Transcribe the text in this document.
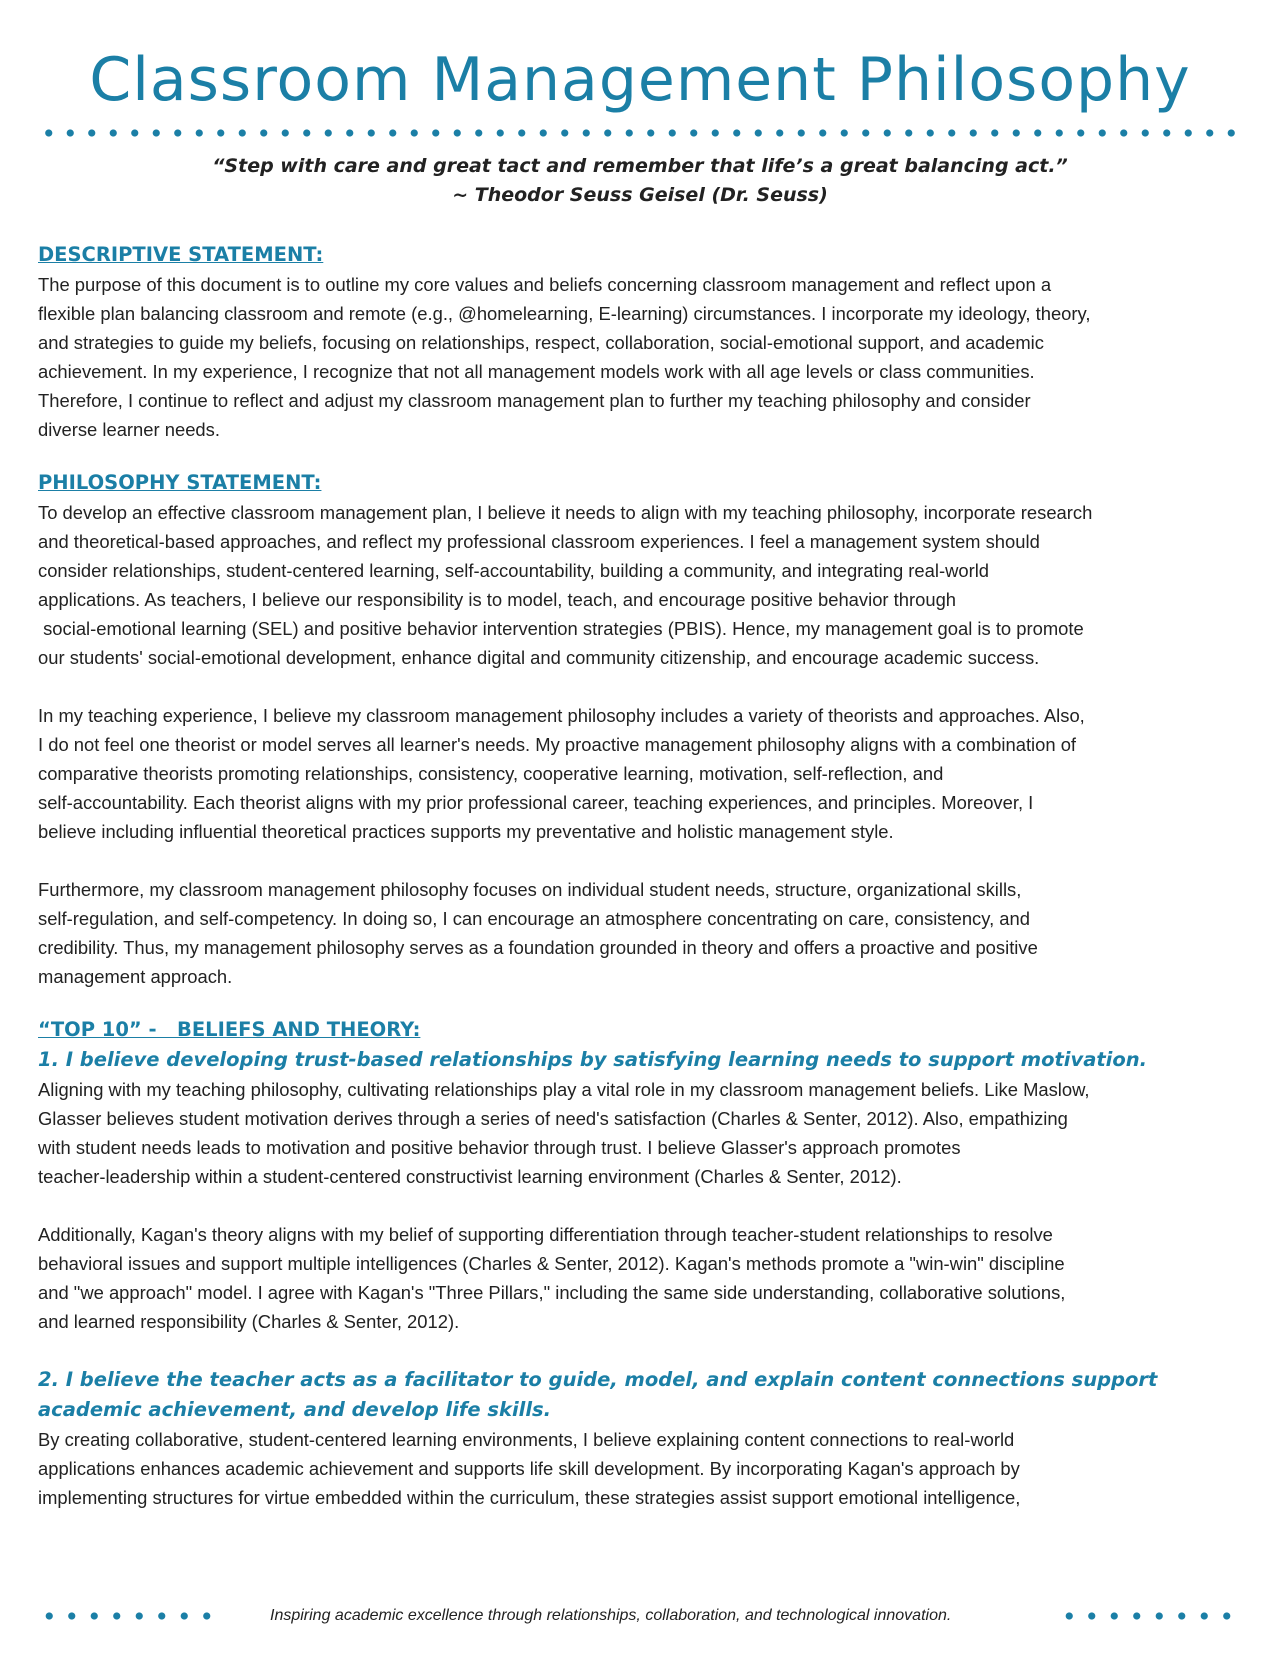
Classroom Management Philosophy
“Step with care and great tact and remember that life’s a great balancing act.”
~ Theodor Seuss Geisel (Dr. Seuss)
DESCRIPTIVE STATEMENT:

The purpose of this document is to outline my core values and beliefs concerning classroom management and reflect upon a

flexible plan balancing classroom and remote (e.g., @homelearning, E-learning) circumstances. I incorporate my ideology, theory,

and strategies to guide my beliefs, focusing on relationships, respect, collaboration, social-emotional support, and academic

achievement. In my experience, I recognize that not all management models work with all age levels or class communities.

Therefore, I continue to reflect and adjust my classroom management plan to further my teaching philosophy and consider

diverse learner needs.

PHILOSOPHY STATEMENT:

To develop an effective classroom management plan, I believe it needs to align with my teaching philosophy, incorporate research

and theoretical-based approaches, and reflect my professional classroom experiences. I feel a management system should

consider relationships, student-centered learning, self-accountability, building a community, and integrating real-world

applications. As teachers, I believe our responsibility is to model, teach, and encourage positive behavior through

social-emotional learning (SEL) and positive behavior intervention strategies (PBIS). Hence, my management goal is to promote

our students' social-emotional development, enhance digital and community citizenship, and encourage academic success.

In my teaching experience, I believe my classroom management philosophy includes a variety of theorists and approaches. Also,

I do not feel one theorist or model serves all learner's needs. My proactive management philosophy aligns with a combination of

comparative theorists promoting relationships, consistency, cooperative learning, motivation, self-reflection, and

self-accountability. Each theorist aligns with my prior professional career, teaching experiences, and principles. Moreover, I

believe including influential theoretical practices supports my preventative and holistic management style.

Furthermore, my classroom management philosophy focuses on individual student needs, structure, organizational skills,

self-regulation, and self-competency. In doing so, I can encourage an atmosphere concentrating on care, consistency, and

credibility. Thus, my management philosophy serves as a foundation grounded in theory and offers a proactive and positive

management approach.

“TOP 10” -   BELIEFS AND THEORY:
1. I believe developing trust-based relationships by satisfying learning needs to support motivation.

Aligning with my teaching philosophy, cultivating relationships play a vital role in my classroom management beliefs. Like Maslow,

Glasser believes student motivation derives through a series of need's satisfaction (Charles & Senter, 2012). Also, empathizing

with student needs leads to motivation and positive behavior through trust. I believe Glasser's approach promotes

teacher-leadership within a student-centered constructivist learning environment (Charles & Senter, 2012).

Additionally, Kagan's theory aligns with my belief of supporting differentiation through teacher-student relationships to resolve

behavioral issues and support multiple intelligences (Charles & Senter, 2012). Kagan's methods promote a "win-win" discipline

and "we approach" model. I agree with Kagan's "Three Pillars," including the same side understanding, collaborative solutions,

and learned responsibility (Charles & Senter, 2012).

2. I believe the teacher acts as a facilitator to guide, model, and explain content connections support
academic achievement, and develop life skills.

By creating collaborative, student-centered learning environments, I believe explaining content connections to real-world

applications enhances academic achievement and supports life skill development. By incorporating Kagan's approach by

implementing structures for virtue embedded within the curriculum, these strategies assist support emotional intelligence,

Inspiring academic excellence through relationships, collaboration, and technological innovation.
